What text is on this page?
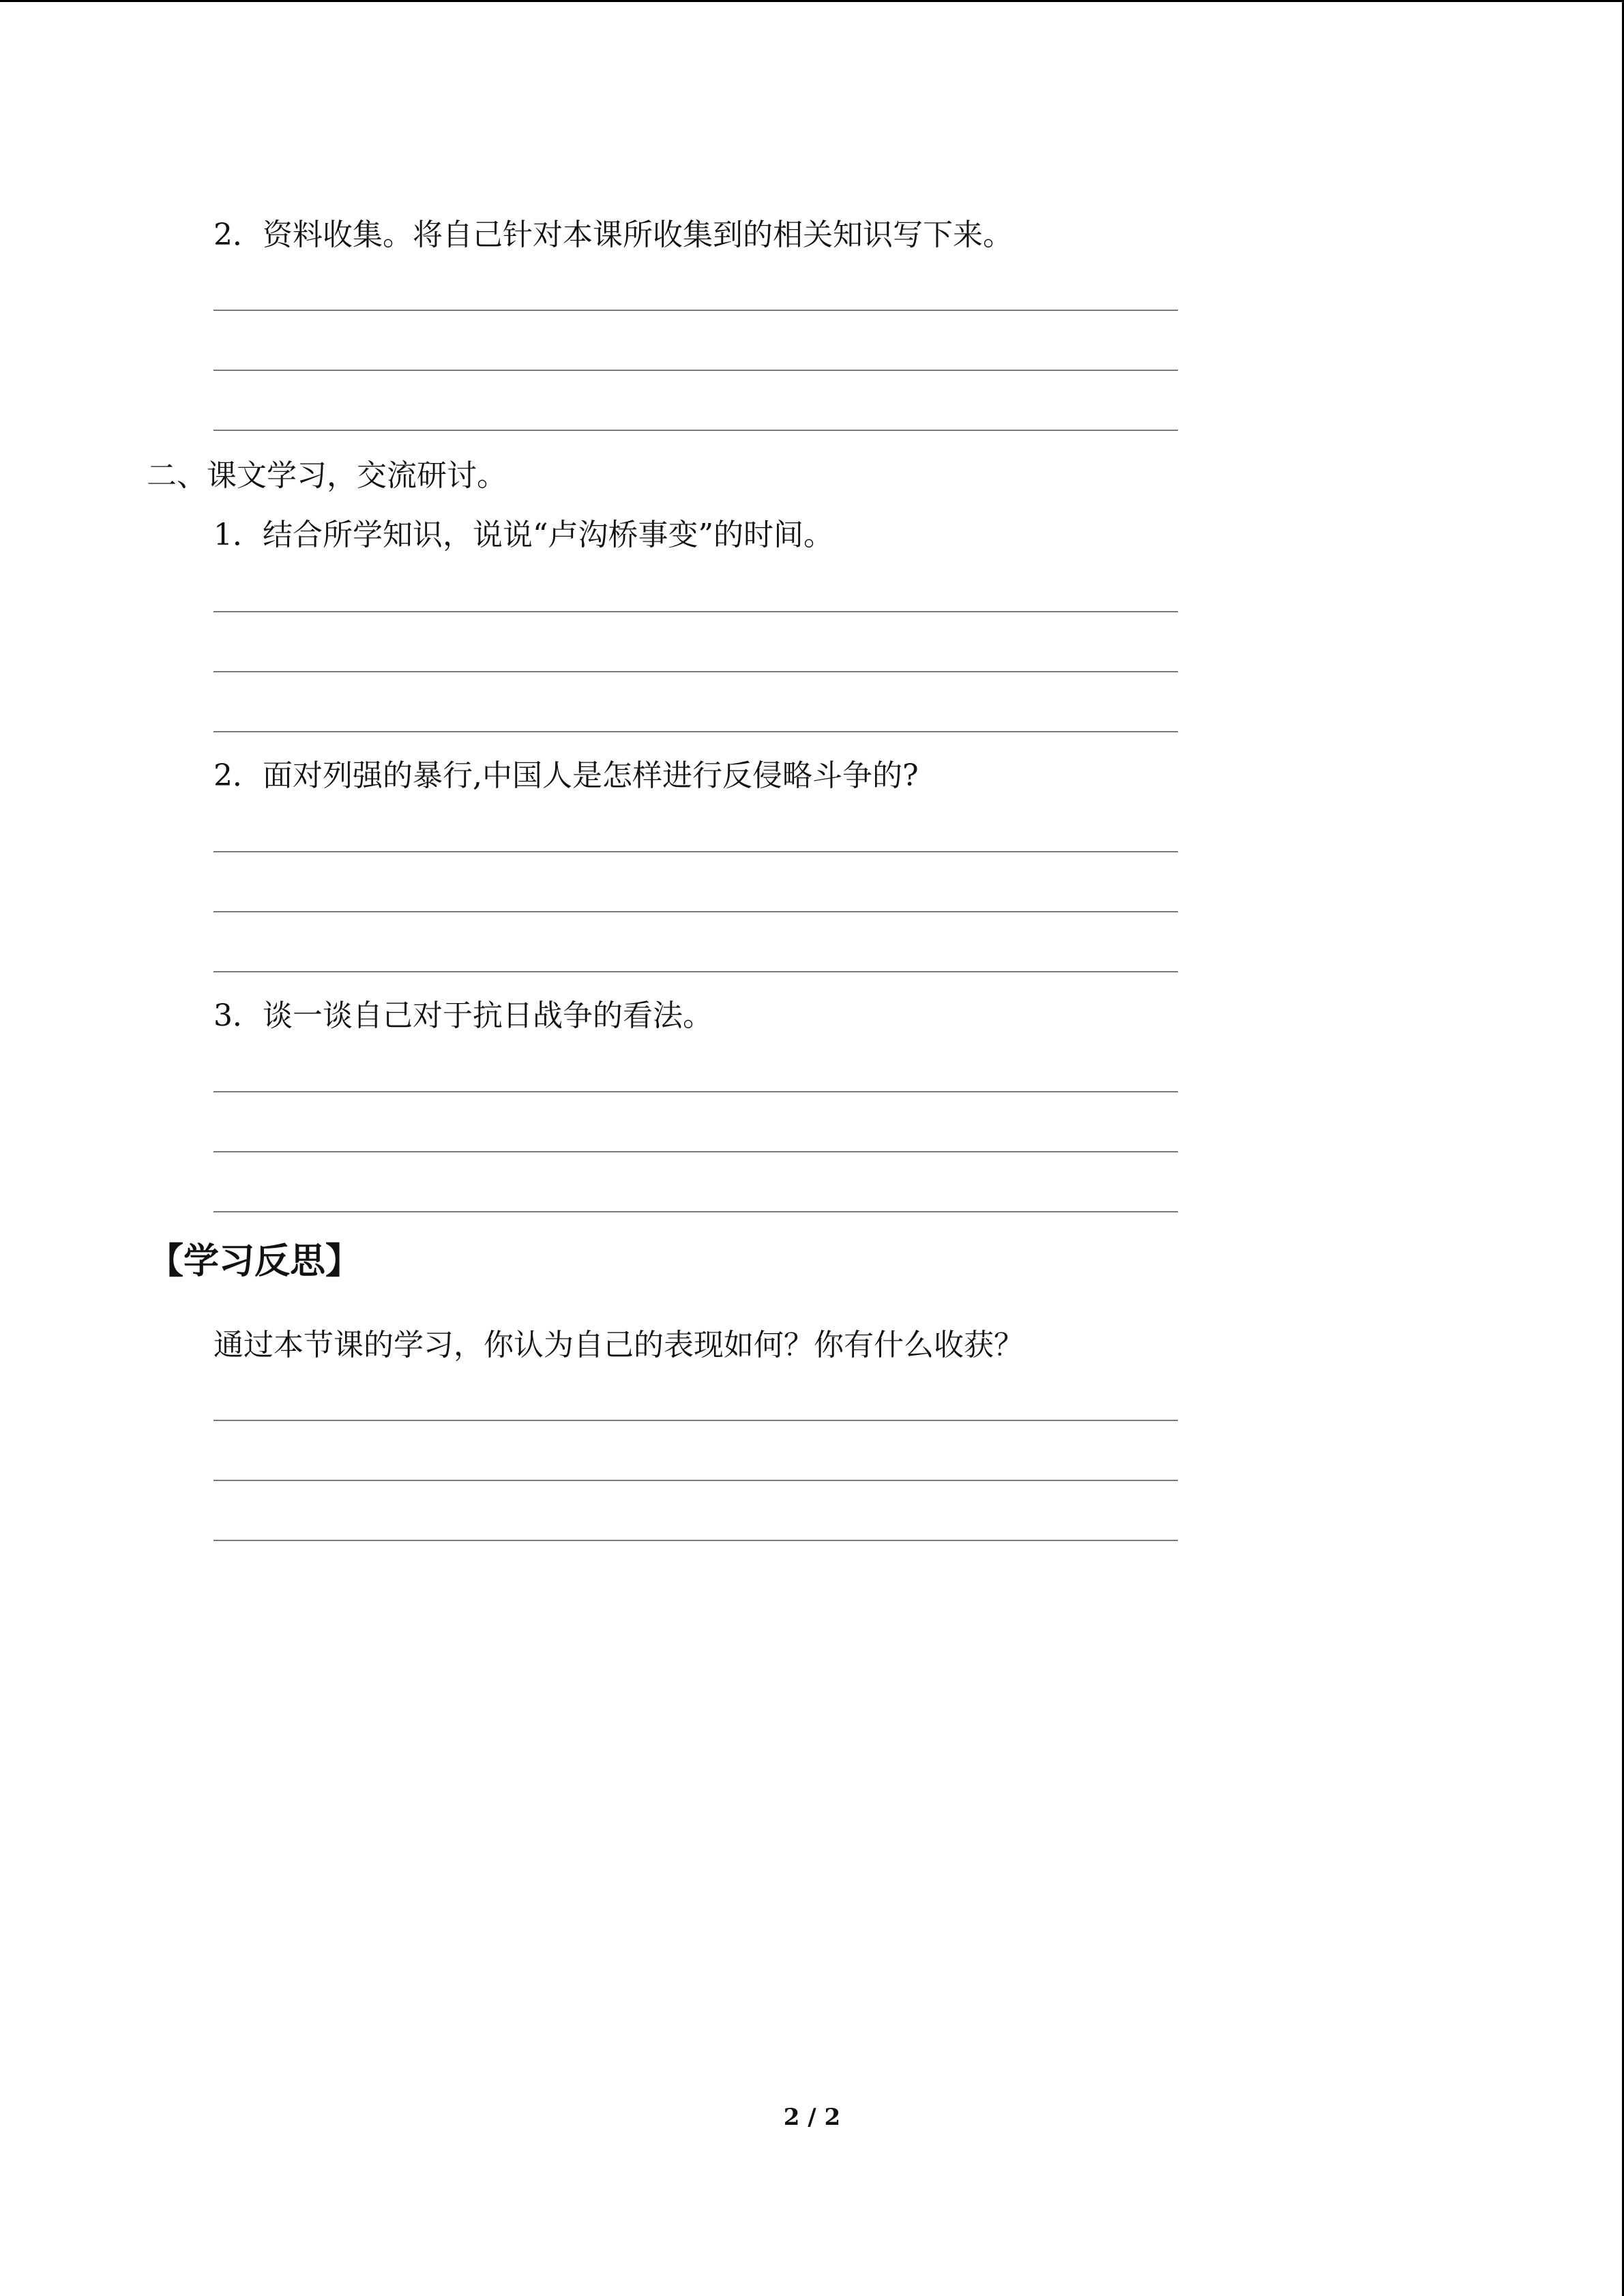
2．资料收集。将自己针对本课所收集到的相关知识写下来。
二、课文学习，交流研讨。
1．结合所学知识，说说“卢沟桥事变”的时间。
2．面对列强的暴行,中国人是怎样进行反侵略斗争的?
3．谈一谈自己对于抗日战争的看法。
【学习反思】
通过本节课的学习，你认为自己的表现如何？你有什么收获？
2 / 2
